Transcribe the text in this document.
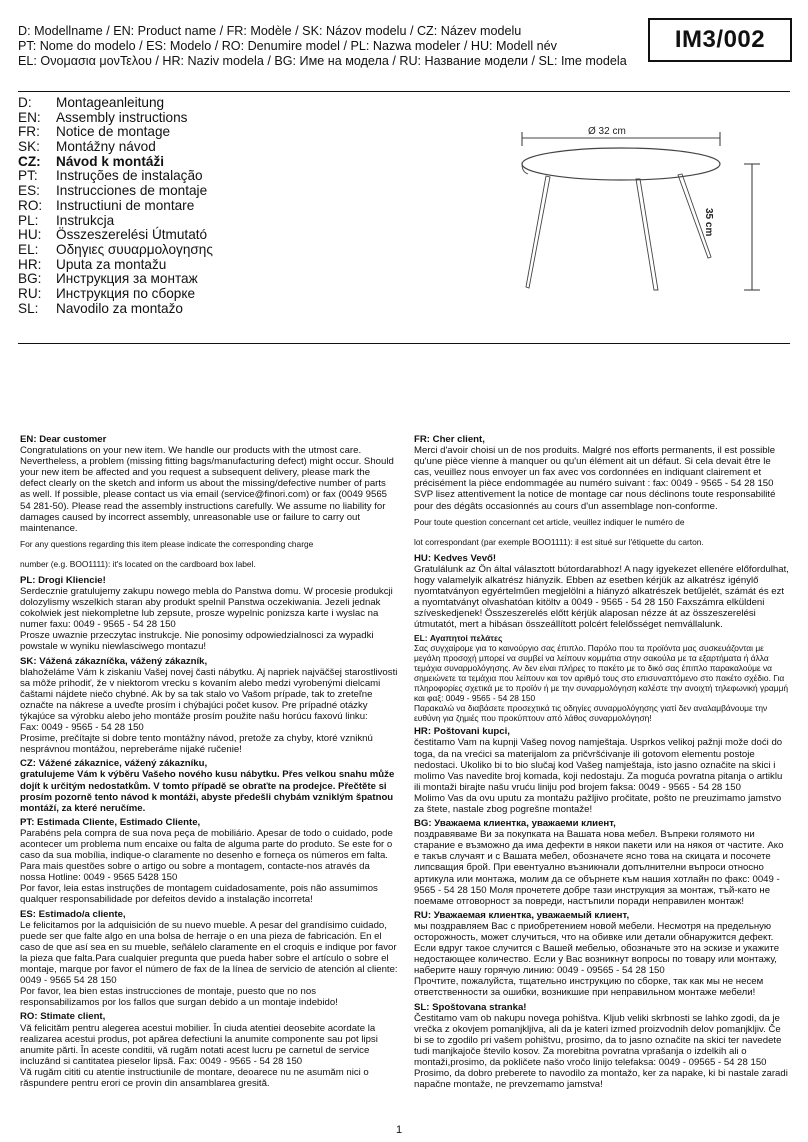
D: Modellname / EN: Product name / FR: Modèle / SK: Názov modelu / CZ: Název modelu
PT: Nome do modelo / ES: Modelo / RO: Denumire model / PL: Nazwa modeler / HU: Modell név
EL: Ονομασια μονΤελου / HR: Naziv modela / BG: Име на модела / RU: Название модели / SL: Ime modela
IM3/002
D: Montageanleitung
EN: Assembly instructions
FR: Notice de montage
SK: Montážny návod
CZ: Návod k montáži
PT: Instruções de instalação
ES: Instrucciones de montaje
RO: Instructiuni de montare
PL: Instrukcja
HU: Összeszerelési Útmutató
EL: Οδηγιες συυαρμολογησης
HR: Uputa za montažu
BG: Инструкция за монтаж
RU: Инструкция по сборке
SL: Navodilo za montažo
Ø 32 cm
35 cm

EN: Dear customer
Congratulations on your new item. We handle our products with the utmost care. Nevertheless, a problem (missing fitting bags/manufacturing defect) might occur. Should your new item be affected and you request a subsequent delivery, please mark the defect clearly on the sketch and inform us about the missing/defective number of parts as well. If possible, please contact us via email (service@finori.com) or fax (0049 9565 54 281-50). Please read the assembly instructions carefully. We assume no liability for damages caused by incorrect assembly, unreasonable use or failure to carry out maintenance.

For any questions regarding this item please indicate the corresponding charge

number (e.g. BOO1111): it's located on the cardboard box label.

PL: Drogi Kliencie!
Serdecznie gratulujemy zakupu nowego mebla do Panstwa domu. W procesie produkcji dolozylismy wszelkich staran aby produkt spelnil Panstwa oczekiwania. Jezeli jednak cokolwiek jest niekompletne lub zepsute, prosze wypelnic ponizsza karte i wyslac na numer faxu: 0049 - 9565 - 54 28 150
Prosze uwaznie przeczytac instrukcje. Nie ponosimy odpowiedzialnosci za wypadki powstale w wyniku niewlasciwego montazu!

SK: Vážená zákazníčka, vážený zákazník,
blahoželáme Vám k ziskaniu Vašej novej časti nábytku. Aj napriek najväčšej starostlivosti sa môže prihodiť, že v niektorom vrecku s kovaním alebo medzi vyrobenými dielcami čaštami nájdete niečo chybné. Ak by sa tak stalo vo Vašom prípade, tak to zreteľne označte na nákrese a uveďte prosím i chýbajúci počet kusov. Pre prípadné otázky týkajúce sa výrobku alebo jeho montáže prosím použite našu horúcu faxovú linku:
Fax: 0049 - 9565 - 54 28 150
Prosime, prečítajte si dobre tento montážny návod, pretože za chyby, ktoré vzniknú nesprávnou montážou, nepreberáme nijaké ručenie!

CZ: Vážené zákaznice, vážený zákazníku,
gratulujeme Vám k výběru Vašeho nového kusu nábytku. Přes velkou snahu může dojít k určitým nedostatkům. V tomto případě se obraťte na prodejce. Přečtěte si prosím pozorně tento návod k montáži, abyste předešli chybám vzniklým špatnou montáží, za které neručíme.

PT: Estimada Cliente, Estimado Cliente,
Parabéns pela compra de sua nova peça de mobiliário. Apesar de todo o cuidado, pode acontecer um problema num encaixe ou falta de alguma parte do produto. Se este for o caso da sua mobília, indique-o claramente no desenho e forneça os números em falta. Para mais questões sobre o artigo ou sobre a montagem, contacte-nos através da nossa Hotline: 0049 - 9565 5428 150
Por favor, leia estas instruções de montagem cuidadosamente, pois não assumimos qualquer responsabilidade por defeitos devido a instalação incorreta!

ES: Estimado/a cliente,
Le felicitamos por la adquisición de su nuevo mueble. A pesar del grandísimo cuidado, puede ser que falte algo en una bolsa de herraje o en una pieza de fabricación. En el caso de que así sea en su mueble, señálelo claramente en el croquis e indique por favor la pieza que falta.Para cualquier pregunta que pueda haber sobre el artículo o sobre el montaje, marque por favor el número de fax de la línea de servicio de atención al cliente: 0049 - 9565 54 28 150
Por favor, lea bien estas instrucciones de montaje, puesto que no nos responsabilizamos por los fallos que surgan debido a un montaje indebido!

RO: Stimate client,
Vă felicităm pentru alegerea acestui mobilier. În ciuda atentiei deosebite acordate la realizarea acestui produs, pot apărea defectiuni la anumite componente sau pot lipsi anumite părti. În aceste conditii, vă rugăm notati acest lucru pe carnetul de service incluzând si cantitatea pieselor lipsă. Fax: 0049 - 9565 - 54 28 150
Vă rugăm cititi cu atentie instructiunile de montare, deoarece nu ne asumăm nici o răspundere pentru erori ce provin din ansamblarea gresită.

FR: Cher client,
Merci d'avoir choisi un de nos produits. Malgré nos efforts permanents, il est possible qu'une pièce vienne à manquer ou qu'un élément ait un défaut. Si cela devait être le cas, veuillez nous envoyer un fax avec vos cordonnées en indiquant clairement et précisément la pièce endommagée au numéro suivant : fax: 0049 - 9565 - 54 28 150
SVP lisez attentivement la notice de montage car nous déclinons toute responsabilité pour des dégâts occasionnés au cours d'un assemblage non-conforme.

Pour toute question concernant cet article, veuillez indiquer le numéro de

lot correspondant (par exemple BOO1111): il est situé sur l'étiquette du carton.

HU: Kedves Vevő!
Gratulálunk az Ön által választott bútordarabhoz! A nagy igyekezet ellenére előfordulhat, hogy valamelyik alkatrész hiányzik. Ebben az esetben kérjük az alkatrész igénylő nyomtatványon egyértelműen megjelölni a hiányzó alkatrészek betűjelét, számát és ezt a nyomtatványt olvashatóan kitöltv a 0049 - 9565 - 54 28 150 Faxszámra elküldeni szíveskedjenek! Összeszerelés előtt kérjük alaposan nézze át az összeszerelési útmutatót, mert a hibásan összeállított polcért felelősséget nemvállalunk.

EL: Αγαπητοί πελάτες
Σας συγχαίρομε για το καινούργιο σας έπιπλο. Παρόλο που τα προϊόντα μας συσκευάζονται με μεγάλη προσοχή μπορεί να συμβεί να λείπουν κομμάτια στην σακούλα με τα εξαρτήματα ή άλλα τεμάχια συναρμολόγησης. Αν δεν είναι πλήρες το πακέτο με το δικό σας έπιπλο παρακαλούμε να σημειώνετε τα τεμάχια που λείπουν και τον αριθμό τους στο επισυναπτόμενο στο πακέτο σχέδιο. Για πληροφορίες σχετικά με το προϊόν ή με την συναρμολόγηση καλέστε την ανοιχτή τηλεφωνική γραμμή και φαξ: 0049 - 9565 - 54 28 150
Παρακαλώ να διαβάσετε προσεχτικά τις οδηγίες συναρμολόγησης γιατί δεν αναλαμβάνουμε την ευθύνη για ζημιές που προκύπτουν από λάθος συναρμολόγηση!

HR: Poštovani kupci,
čestitamo Vam na kupnji Vašeg novog namještaja. Usprkos velikoj pažnji može doći do toga, da na vrećici sa materijalom za pričvršćivanje ili gotovom elementu postoje nedostaci. Ukoliko bi to bio slučaj kod Vašeg namještaja, isto jasno označite na skici i molimo Vas navedite broj komada, koji nedostaju. Za moguća povratna pitanja o artiklu ili montaži birajte našu vruću liniju pod brojem faksa: 0049 - 9565 - 54 28 150
Molimo Vas da ovu uputu za montažu pažljivo pročitate, pošto ne preuzimamo jamstvo za štete, nastale zbog pogrešne montaže!

BG: Уважаема клиентка, уважаеми клиент,
поздравяваме Ви за покупката на Вашата нова мебел. Въпреки голямото ни старание е възможно да има дефекти в някои пакети или на някоя от частите. Ако е такъв случаят и с Вашата мебел, обозначете ясно това на скицата и посочете липсващия брой. При евентуално възникнали допълнителни въпроси относно артикула или монтажа, молим да се обърнете към нашия хотлайн по факс: 0049 - 9565 - 54 28 150 Моля прочетете добре тази инструкция за монтаж, тъй-като не поемаме отговорност за повреди, настъпили поради неправилен монтаж!

RU: Уважаемая клиентка, уважаемый клиент,
мы поздравляем Вас с приобретением новой мебели. Несмотря на предельную осторожность, может случиться, что на обивке или детали обнаружится дефект. Если вдруг такое случится с Вашей мебелью, обозначьте это на эскизе и укажите недостающее количество. Если у Вас возникнут вопросы по товару или монтажу, наберите нашу горячую линию: 0049 - 09565 - 54 28 150
Прочтите, пожалуйста, тщательно инструкцию по сборке, так как мы не несем ответственности за ошибки, возникшие при неправильном монтаже мебели!

SL: Spoštovana stranka!
Čestitamo vam ob nakupu novega pohištva. Kljub veliki skrbnosti se lahko zgodi, da je vrečka z okovjem pomanjkljiva, ali da je kateri izmed proizvodnih delov pomanjkljiv. Če bi se to zgodilo pri vašem pohištvu, prosimo, da to jasno označite na skici ter navedete tudi manjkajoče število kosov. Za morebitna povratna vprašanja o izdelkih ali o montaži,prosimo, da pokličete našo vročo linijo telefaksa: 0049 - 09565 - 54 28 150
Prosimo, da dobro preberete to navodilo za montažo, ker za napake, ki bi nastale zaradi napačne montaže, ne prevzemamo jamstva!

1
